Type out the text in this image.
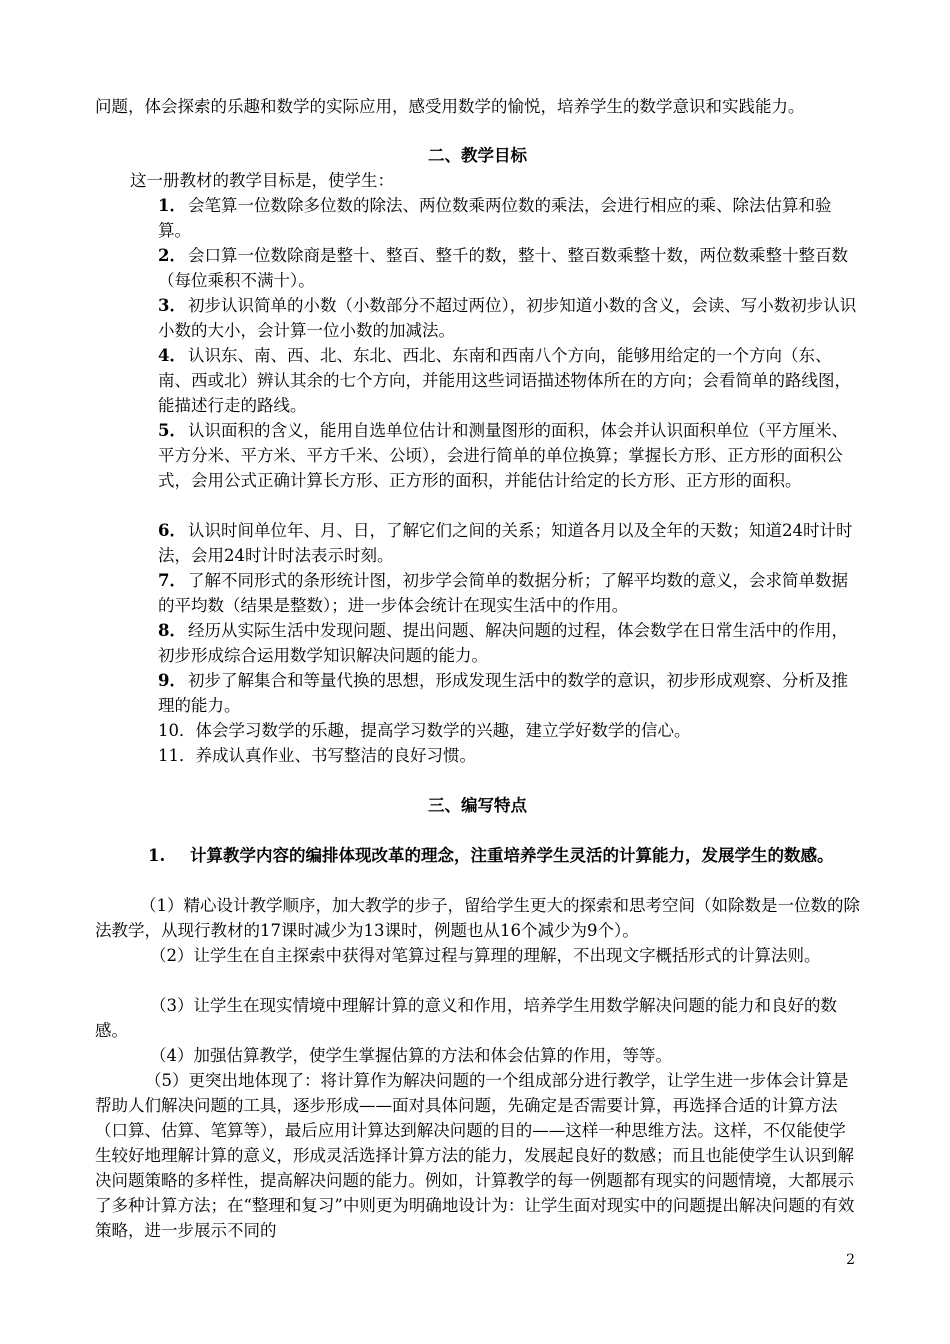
问题，体会探索的乐趣和数学的实际应用，感受用数学的愉悦，培养学生的数学意识和实践能力。

二、教学目标

这一册教材的教学目标是，使学生：

1． 会笔算一位数除多位数的除法、两位数乘两位数的乘法，会进行相应的乘、除法估算和验算。
2． 会口算一位数除商是整十、整百、整千的数，整十、整百数乘整十数，两位数乘整十整百数（每位乘积不满十）。
3． 初步认识简单的小数（小数部分不超过两位），初步知道小数的含义，会读、写小数初步认识小数的大小，会计算一位小数的加减法。
4． 认识东、南、西、北、东北、西北、东南和西南八个方向，能够用给定的一个方向（东、南、西或北）辨认其余的七个方向，并能用这些词语描述物体所在的方向；会看简单的路线图，能描述行走的路线。
5． 认识面积的含义，能用自选单位估计和测量图形的面积，体会并认识面积单位（平方厘米、平方分米、平方米、平方千米、公顷），会进行简单的单位换算；掌握长方形、正方形的面积公式，会用公式正确计算长方形、正方形的面积，并能估计给定的长方形、正方形的面积。
6． 认识时间单位年、月、日，了解它们之间的关系；知道各月以及全年的天数；知道24时计时法，会用24时计时法表示时刻。
7． 了解不同形式的条形统计图，初步学会简单的数据分析；了解平均数的意义，会求简单数据的平均数（结果是整数）；进一步体会统计在现实生活中的作用。
8． 经历从实际生活中发现问题、提出问题、解决问题的过程，体会数学在日常生活中的作用，初步形成综合运用数学知识解决问题的能力。
9． 初步了解集合和等量代换的思想，形成发现生活中的数学的意识，初步形成观察、分析及推理的能力。
10．体会学习数学的乐趣，提高学习数学的兴趣，建立学好数学的信心。
11．养成认真作业、书写整洁的良好习惯。

三、编写特点

1. 计算教学内容的编排体现改革的理念，注重培养学生灵活的计算能力，发展学生的数感。

（1）精心设计教学顺序，加大教学的步子，留给学生更大的探索和思考空间（如除数是一位数的除法教学，从现行教材的17课时减少为13课时，例题也从16个减少为9个）。

（2）让学生在自主探索中获得对笔算过程与算理的理解，不出现文字概括形式的计算法则。

（3）让学生在现实情境中理解计算的意义和作用，培养学生用数学解决问题的能力和良好的数感。

（4）加强估算教学，使学生掌握估算的方法和体会估算的作用，等等。

（5）更突出地体现了：将计算作为解决问题的一个组成部分进行教学，让学生进一步体会计算是帮助人们解决问题的工具，逐步形成——面对具体问题，先确定是否需要计算，再选择合适的计算方法（口算、估算、笔算等），最后应用计算达到解决问题的目的——这样一种思维方法。这样，不仅能使学生较好地理解计算的意义，形成灵活选择计算方法的能力，发展起良好的数感；而且也能使学生认识到解决问题策略的多样性，提高解决问题的能力。例如，计算教学的每一例题都有现实的问题情境，大都展示了多种计算方法；在“整理和复习”中则更为明确地设计为：让学生面对现实中的问题提出解决问题的有效策略，进一步展示不同的

2
